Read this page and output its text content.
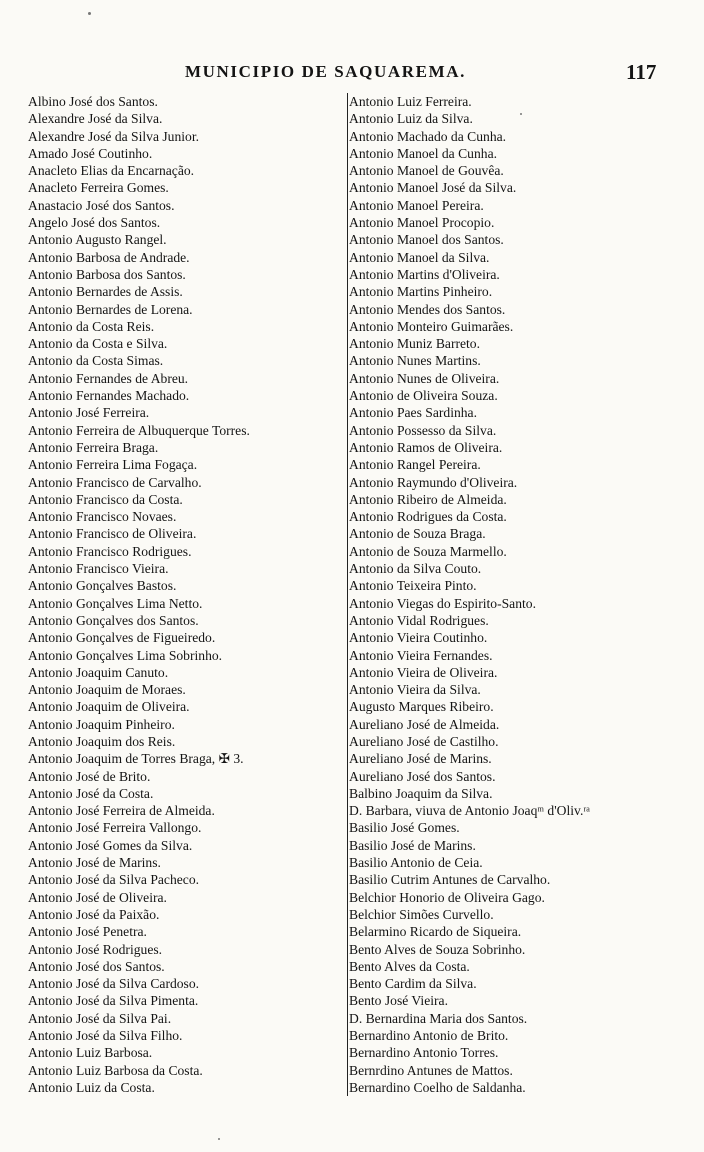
MUNICIPIO DE SAQUAREMA.	117
Albino José dos Santos.
Alexandre José da Silva.
Alexandre José da Silva Junior.
Amado José Coutinho.
Anacleto Elias da Encarnação.
Anacleto Ferreira Gomes.
Anastacio José dos Santos.
Angelo José dos Santos.
Antonio Augusto Rangel.
Antonio Barbosa de Andrade.
Antonio Barbosa dos Santos.
Antonio Bernardes de Assis.
Antonio Bernardes de Lorena.
Antonio da Costa Reis.
Antonio da Costa e Silva.
Antonio da Costa Simas.
Antonio Fernandes de Abreu.
Antonio Fernandes Machado.
Antonio José Ferreira.
Antonio Ferreira de Albuquerque Torres.
Antonio Ferreira Braga.
Antonio Ferreira Lima Fogaça.
Antonio Francisco de Carvalho.
Antonio Francisco da Costa.
Antonio Francisco Novaes.
Antonio Francisco de Oliveira.
Antonio Francisco Rodrigues.
Antonio Francisco Vieira.
Antonio Gonçalves Bastos.
Antonio Gonçalves Lima Netto.
Antonio Gonçalves dos Santos.
Antonio Gonçalves de Figueiredo.
Antonio Gonçalves Lima Sobrinho.
Antonio Joaquim Canuto.
Antonio Joaquim de Moraes.
Antonio Joaquim de Oliveira.
Antonio Joaquim Pinheiro.
Antonio Joaquim dos Reis.
Antonio Joaquim de Torres Braga, ✠ 3.
Antonio José de Brito.
Antonio José da Costa.
Antonio José Ferreira de Almeida.
Antonio José Ferreira Vallongo.
Antonio José Gomes da Silva.
Antonio José de Marins.
Antonio José da Silva Pacheco.
Antonio José de Oliveira.
Antonio José da Paixão.
Antonio José Penetra.
Antonio José Rodrigues.
Antonio José dos Santos.
Antonio José da Silva Cardoso.
Antonio José da Silva Pimenta.
Antonio José da Silva Pai.
Antonio José da Silva Filho.
Antonio Luiz Barbosa.
Antonio Luiz Barbosa da Costa.
Antonio Luiz da Costa.
Antonio Luiz Ferreira.
Antonio Luiz da Silva.
Antonio Machado da Cunha.
Antonio Manoel da Cunha.
Antonio Manoel de Gouvêa.
Antonio Manoel José da Silva.
Antonio Manoel Pereira.
Antonio Manoel Procopio.
Antonio Manoel dos Santos.
Antonio Manoel da Silva.
Antonio Martins d'Oliveira.
Antonio Martins Pinheiro.
Antonio Mendes dos Santos.
Antonio Monteiro Guimarães.
Antonio Muniz Barreto.
Antonio Nunes Martins.
Antonio Nunes de Oliveira.
Antonio de Oliveira Souza.
Antonio Paes Sardinha.
Antonio Possesso da Silva.
Antonio Ramos de Oliveira.
Antonio Rangel Pereira.
Antonio Raymundo d'Oliveira.
Antonio Ribeiro de Almeida.
Antonio Rodrigues da Costa.
Antonio de Souza Braga.
Antonio de Souza Marmello.
Antonio da Silva Couto.
Antonio Teixeira Pinto.
Antonio Viegas do Espirito-Santo.
Antonio Vidal Rodrigues.
Antonio Vieira Coutinho.
Antonio Vieira Fernandes.
Antonio Vieira de Oliveira.
Antonio Vieira da Silva.
Augusto Marques Ribeiro.
Aureliano José de Almeida.
Aureliano José de Castilho.
Aureliano José de Marins.
Aureliano José dos Santos.
Balbino Joaquim da Silva.
D. Barbara, viuva de Antonio Joaqᵐ d'Oliv.ʳᵃ
Basilio José Gomes.
Basilio José de Marins.
Basilio Antonio de Ceia.
Basilio Cutrim Antunes de Carvalho.
Belchior Honorio de Oliveira Gago.
Belchior Simões Curvello.
Belarmino Ricardo de Siqueira.
Bento Alves de Souza Sobrinho.
Bento Alves da Costa.
Bento Cardim da Silva.
Bento José Vieira.
D. Bernardina Maria dos Santos.
Bernardino Antonio de Brito.
Bernardino Antonio Torres.
Bernrdino Antunes de Mattos.
Bernardino Coelho de Saldanha.
